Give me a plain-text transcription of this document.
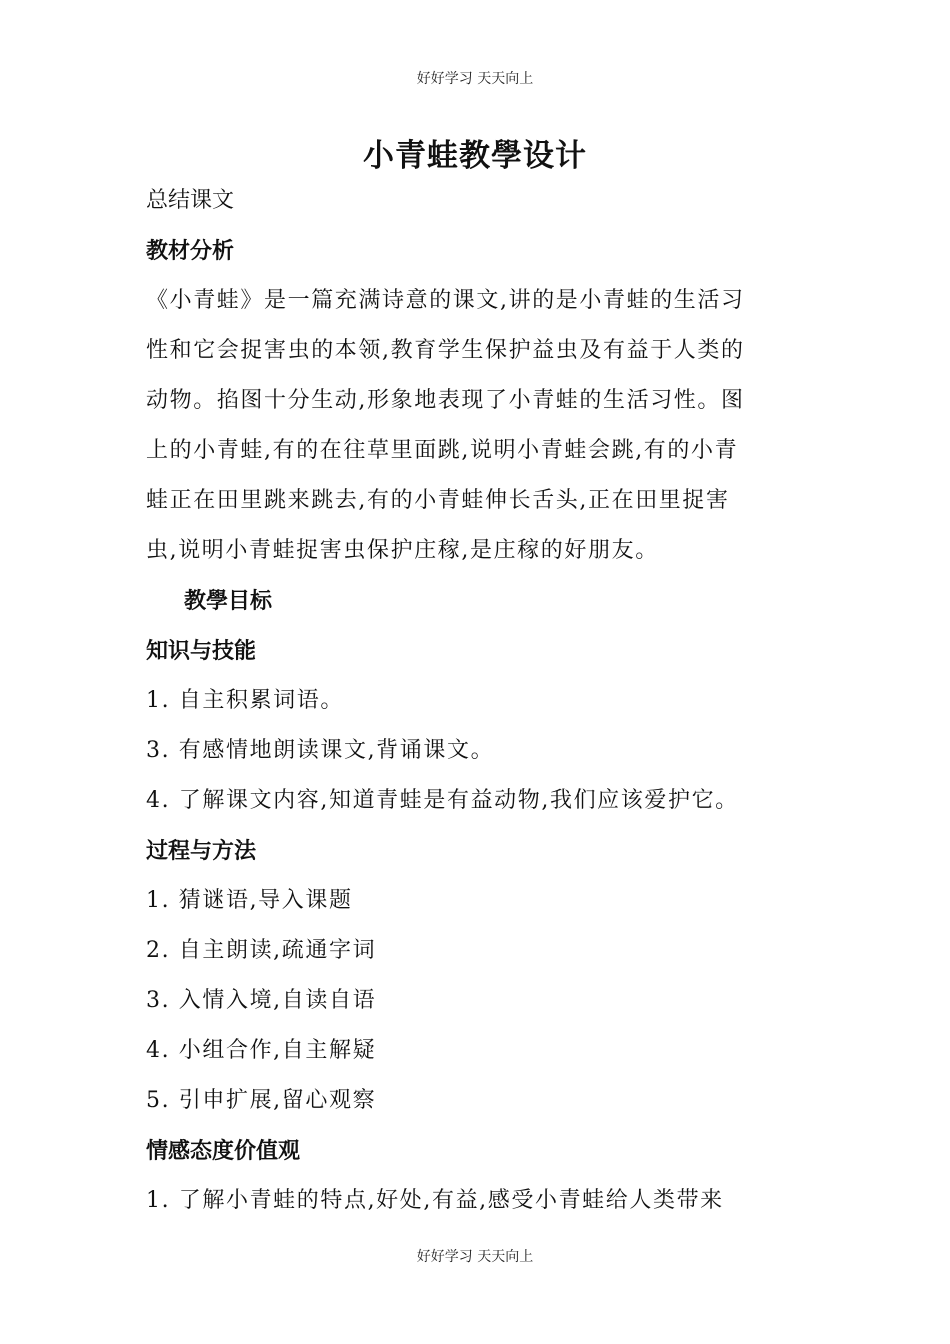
好好学习 天天向上
小青蛙教學设计
总结课文
教材分析
《小青蛙》是一篇充满诗意的课文,讲的是小青蛙的生活习
性和它会捉害虫的本领,教育学生保护益虫及有益于人类的
动物。掐图十分生动,形象地表现了小青蛙的生活习性。图
上的小青蛙,有的在往草里面跳,说明小青蛙会跳,有的小青
蛙正在田里跳来跳去,有的小青蛙伸长舌头,正在田里捉害
虫,说明小青蛙捉害虫保护庄稼,是庄稼的好朋友。
教學目标
知识与技能
1. 自主积累词语。
3. 有感情地朗读课文,背诵课文。
4. 了解课文内容,知道青蛙是有益动物,我们应该爱护它。
过程与方法
1. 猜谜语,导入课题
2. 自主朗读,疏通字词
3. 入情入境,自读自语
4. 小组合作,自主解疑
5. 引申扩展,留心观察
情感态度价值观
1. 了解小青蛙的特点,好处,有益,感受小青蛙给人类带来
好好学习 天天向上
